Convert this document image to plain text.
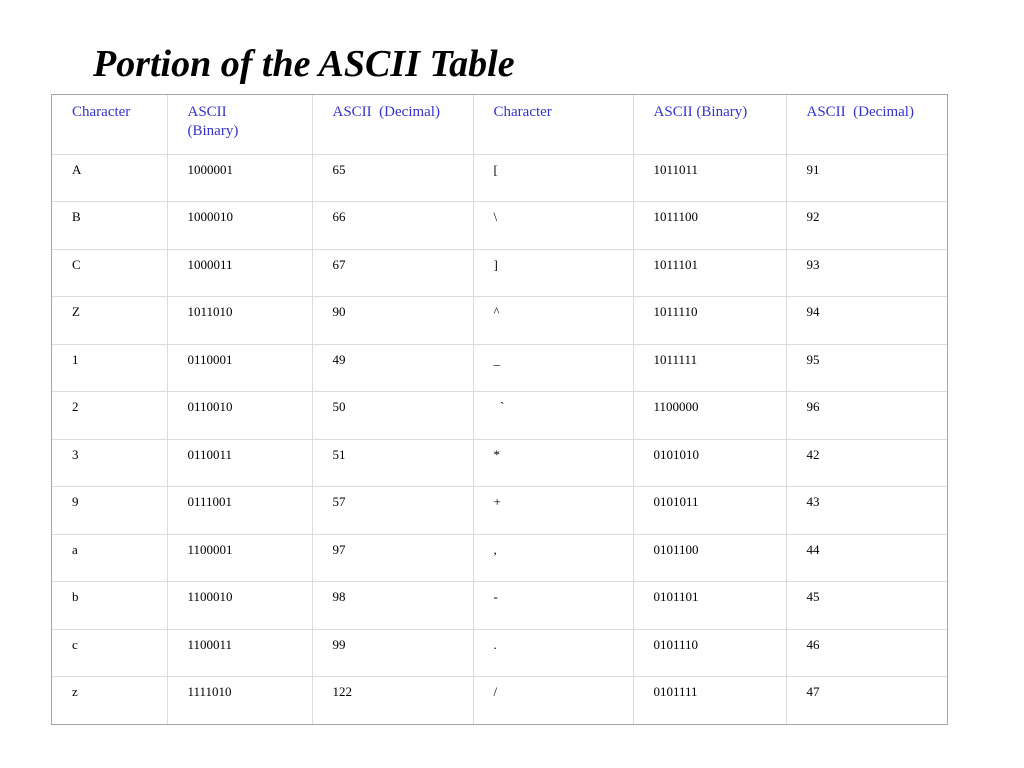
Portion of the ASCII Table
Character	ASCII (Binary)	ASCII  (Decimal)	Character	ASCII (Binary)	ASCII  (Decimal)
A	1000001	65	[	1011011	91
B	1000010	66	\	1011100	92
C	1000011	67	]	1011101	93
Z	1011010	90	^	1011110	94
1	0110001	49	_	1011111	95
2	0110010	50	`	1100000	96
3	0110011	51	*	0101010	42
9	0111001	57	+	0101011	43
a	1100001	97	,	0101100	44
b	1100010	98	-	0101101	45
c	1100011	99	.	0101110	46
z	1111010	122	/	0101111	47
